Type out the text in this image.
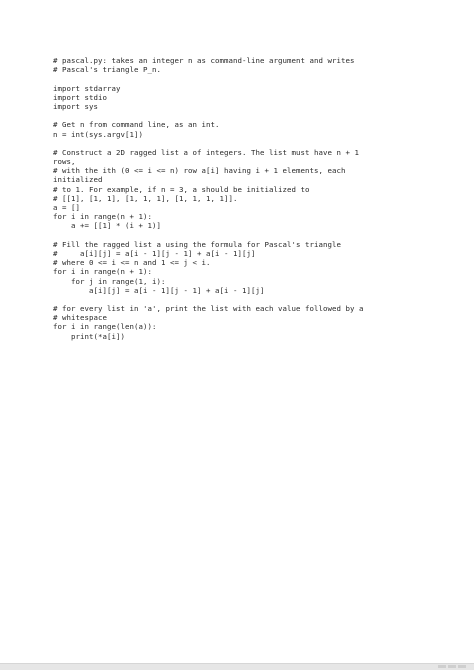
# pascal.py: takes an integer n as command-line argument and writes
# Pascal's triangle P_n.
import stdarray
import stdio
import sys
# Get n from command line, as an int.
n = int(sys.argv[1])
# Construct a 2D ragged list a of integers. The list must have n + 1
rows,
# with the ith (0 <= i <= n) row a[i] having i + 1 elements, each
initialized
# to 1. For example, if n = 3, a should be initialized to
# [[1], [1, 1], [1, 1, 1], [1, 1, 1, 1]].
a = []
for i in range(n + 1):
a += [[1] * (i + 1)]
# Fill the ragged list a using the formula for Pascal's triangle
#     a[i][j] = a[i - 1][j - 1] + a[i - 1][j]
# where 0 <= i <= n and 1 <= j < i.
for i in range(n + 1):
for j in range(1, i):
a[i][j] = a[i - 1][j - 1] + a[i - 1][j]
# for every list in 'a', print the list with each value followed by a
# whitespace
for i in range(len(a)):
print(*a[i])
